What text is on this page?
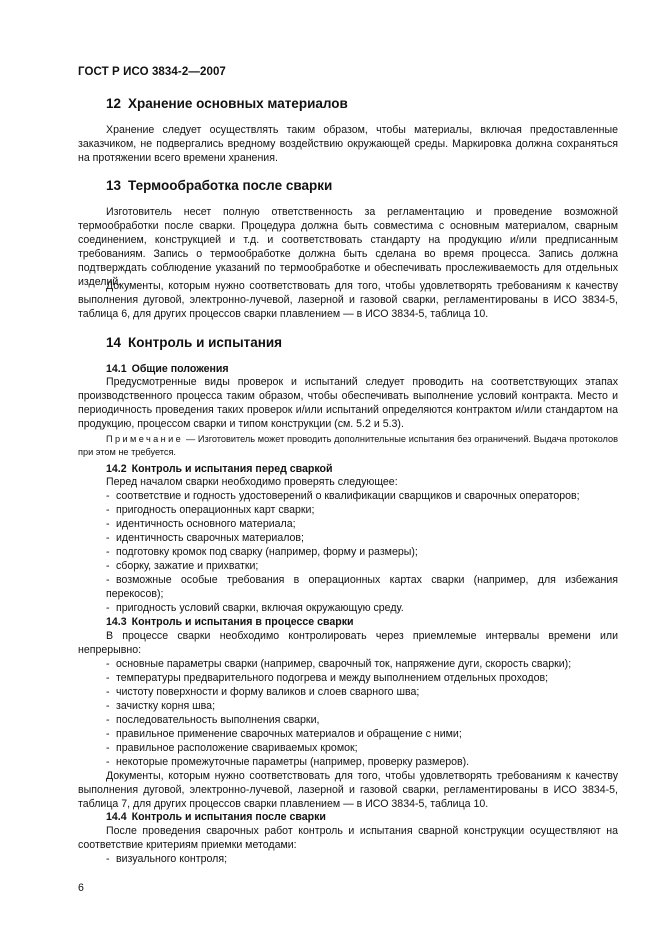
ГОСТ Р ИСО 3834-2—2007
12 Хранение основных материалов
Хранение следует осуществлять таким образом, чтобы материалы, включая предоставленные заказчиком, не подвергались вредному воздействию окружающей среды. Маркировка должна сохраняться на протяжении всего времени хранения.
13 Термообработка после сварки
Изготовитель несет полную ответственность за регламентацию и проведение возможной термообработки после сварки. Процедура должна быть совместима с основным материалом, сварным соединением, конструкцией и т.д. и соответствовать стандарту на продукцию и/или предписанным требованиям. Запись о термообработке должна быть сделана во время процесса. Запись должна подтверждать соблюдение указаний по термообработке и обеспечивать прослеживаемость для отдельных изделий.
Документы, которым нужно соответствовать для того, чтобы удовлетворять требованиям к качеству выполнения дуговой, электронно-лучевой, лазерной и газовой сварки, регламентированы в ИСО 3834-5, таблица 6, для других процессов сварки плавлением — в ИСО 3834-5, таблица 10.
14 Контроль и испытания
14.1 Общие положения
Предусмотренные виды проверок и испытаний следует проводить на соответствующих этапах производственного процесса таким образом, чтобы обеспечивать выполнение условий контракта. Место и периодичность проведения таких проверок и/или испытаний определяются контрактом и/или стандартом на продукцию, процессом сварки и типом конструкции (см. 5.2 и 5.3).
Примечание — Изготовитель может проводить дополнительные испытания без ограничений. Выдача протоколов при этом не требуется.
14.2 Контроль и испытания перед сваркой
Перед началом сварки необходимо проверять следующее:
- соответствие и годность удостоверений о квалификации сварщиков и сварочных операторов;
- пригодность операционных карт сварки;
- идентичность основного материала;
- идентичность сварочных материалов;
- подготовку кромок под сварку (например, форму и размеры);
- сборку, зажатие и прихватки;
- возможные особые требования в операционных картах сварки (например, для избежания перекосов);
- пригодность условий сварки, включая окружающую среду.
14.3 Контроль и испытания в процессе сварки
В процессе сварки необходимо контролировать через приемлемые интервалы времени или непрерывно:
- основные параметры сварки (например, сварочный ток, напряжение дуги, скорость сварки);
- температуры предварительного подогрева и между выполнением отдельных проходов;
- чистоту поверхности и форму валиков и слоев сварного шва;
- зачистку корня шва;
- последовательность выполнения сварки,
- правильное применение сварочных материалов и обращение с ними;
- правильное расположение свариваемых кромок;
- некоторые промежуточные параметры (например, проверку размеров).
Документы, которым нужно соответствовать для того, чтобы удовлетворять требованиям к качеству выполнения дуговой, электронно-лучевой, лазерной и газовой сварки, регламентированы в ИСО 3834-5, таблица 7, для других процессов сварки плавлением — в ИСО 3834-5, таблица 10.
14.4 Контроль и испытания после сварки
После проведения сварочных работ контроль и испытания сварной конструкции осуществляют на соответствие критериям приемки методами:
- визуального контроля;
6
